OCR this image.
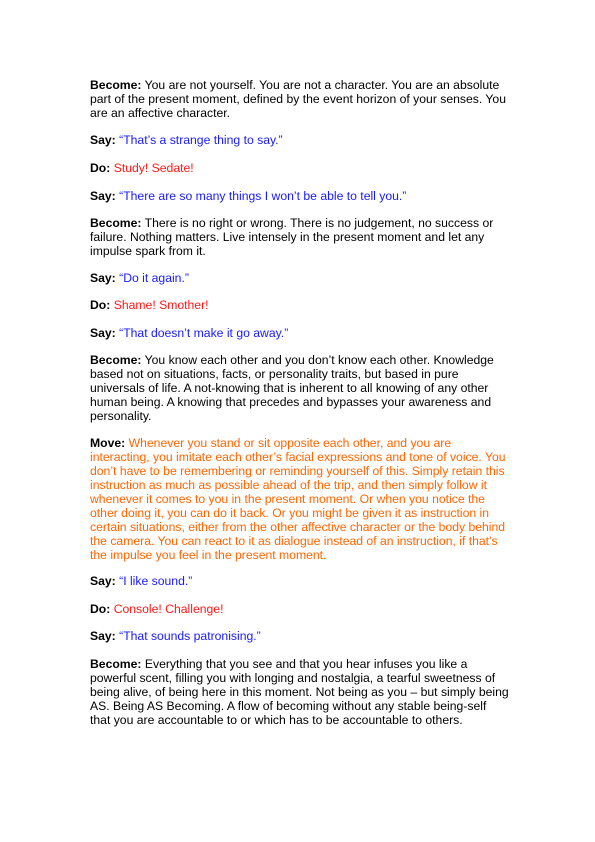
Become: You are not yourself. You are not a character. You are an absolute
part of the present moment, defined by the event horizon of your senses. You
are an affective character.
Say: “That’s a strange thing to say.”
Do: Study! Sedate!
Say: “There are so many things I won’t be able to tell you.”
Become: There is no right or wrong. There is no judgement, no success or
failure. Nothing matters. Live intensely in the present moment and let any
impulse spark from it.
Say: “Do it again.”
Do: Shame! Smother!
Say: “That doesn’t make it go away.”
Become: You know each other and you don’t know each other. Knowledge
based not on situations, facts, or personality traits, but based in pure
universals of life. A not-knowing that is inherent to all knowing of any other
human being. A knowing that precedes and bypasses your awareness and
personality.
Move: Whenever you stand or sit opposite each other, and you are
interacting, you imitate each other’s facial expressions and tone of voice. You
don’t have to be remembering or reminding yourself of this. Simply retain this
instruction as much as possible ahead of the trip, and then simply follow it
whenever it comes to you in the present moment. Or when you notice the
other doing it, you can do it back. Or you might be given it as instruction in
certain situations, either from the other affective character or the body behind
the camera. You can react to it as dialogue instead of an instruction, if that’s
the impulse you feel in the present moment.
Say: “I like sound.”
Do: Console! Challenge!
Say: “That sounds patronising.”
Become: Everything that you see and that you hear infuses you like a
powerful scent, filling you with longing and nostalgia, a tearful sweetness of
being alive, of being here in this moment. Not being as you – but simply being
AS. Being AS Becoming. A flow of becoming without any stable being-self
that you are accountable to or which has to be accountable to others.
